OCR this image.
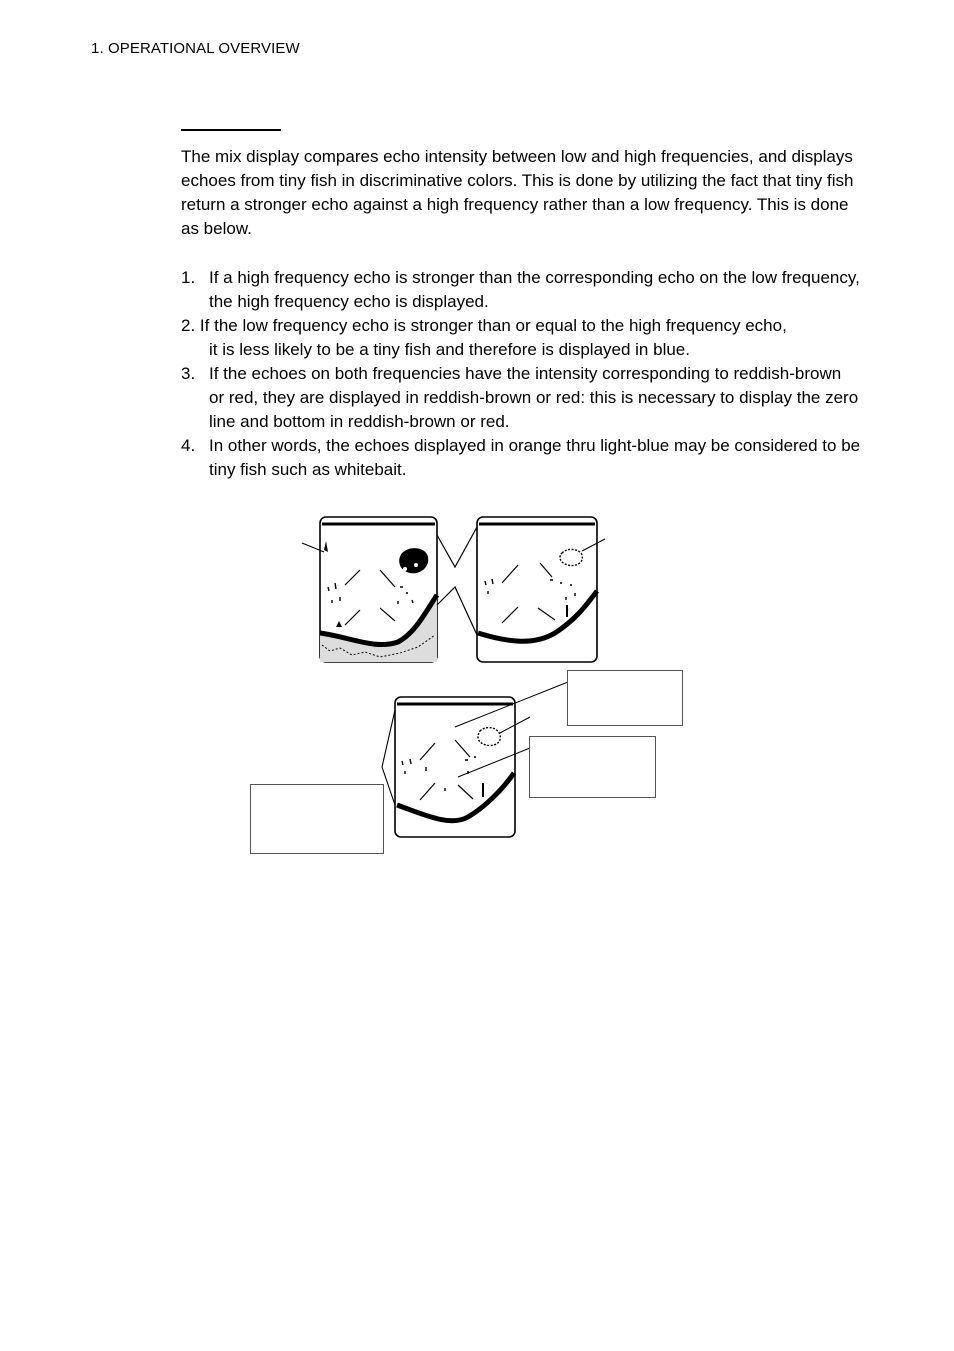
1. OPERATIONAL OVERVIEW

The mix display compares echo intensity between low and high frequencies, and displays echoes from tiny fish in discriminative colors. This is done by utilizing the fact that tiny fish return a stronger echo against a high frequency rather than a low frequency. This is done as below.

1. If a high frequency echo is stronger than the corresponding echo on the low frequency, the high frequency echo is displayed.
2. If the low frequency echo is stronger than or equal to the high frequency echo,
it is less likely to be a tiny fish and therefore is displayed in blue.
3. If the echoes on both frequencies have the intensity corresponding to reddish-brown or red, they are displayed in reddish-brown or red: this is necessary to display the zero line and bottom in reddish-brown or red.
4. In other words, the echoes displayed in orange thru light-blue may be considered to be tiny fish such as whitebait.
